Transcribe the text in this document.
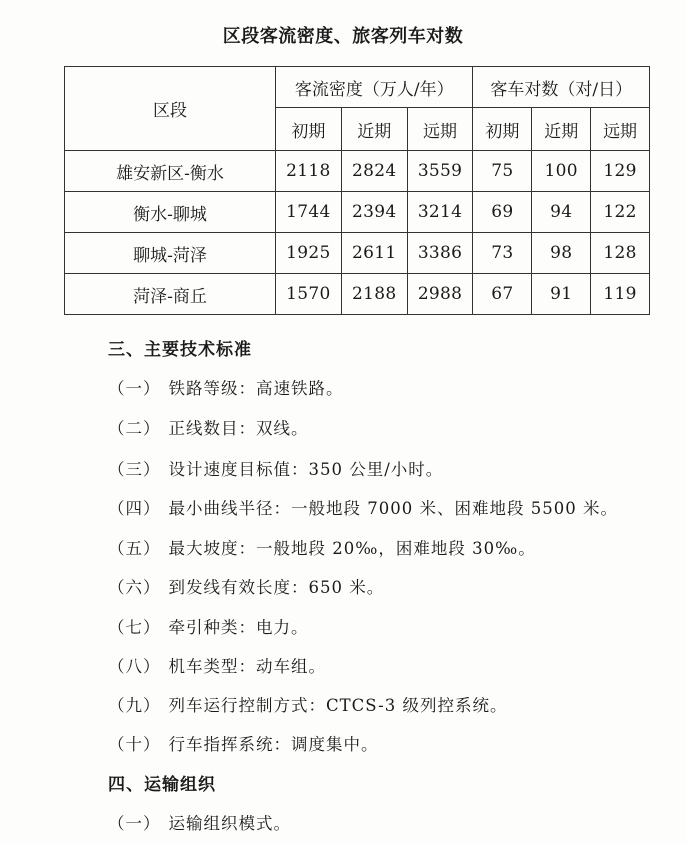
区段客流密度、旅客列车对数
区段	客流密度（万人/年）			客车对数（对/日）		
	初期	近期	远期	初期	近期	远期
雄安新区-衡水	2118	2824	3559	75	100	129
衡水-聊城	1744	2394	3214	69	94	122
聊城-菏泽	1925	2611	3386	73	98	128
菏泽-商丘	1570	2188	2988	67	91	119
三、主要技术标准
（一） 铁路等级：高速铁路。
（二） 正线数目：双线。
（三） 设计速度目标值：350 公里/小时。
（四） 最小曲线半径：一般地段 7000 米、困难地段 5500 米。
（五） 最大坡度：一般地段 20‰，困难地段 30‰。
（六） 到发线有效长度：650 米。
（七） 牵引种类：电力。
（八） 机车类型：动车组。
（九） 列车运行控制方式：CTCS-3 级列控系统。
（十） 行车指挥系统：调度集中。
四、运输组织
（一） 运输组织模式。
